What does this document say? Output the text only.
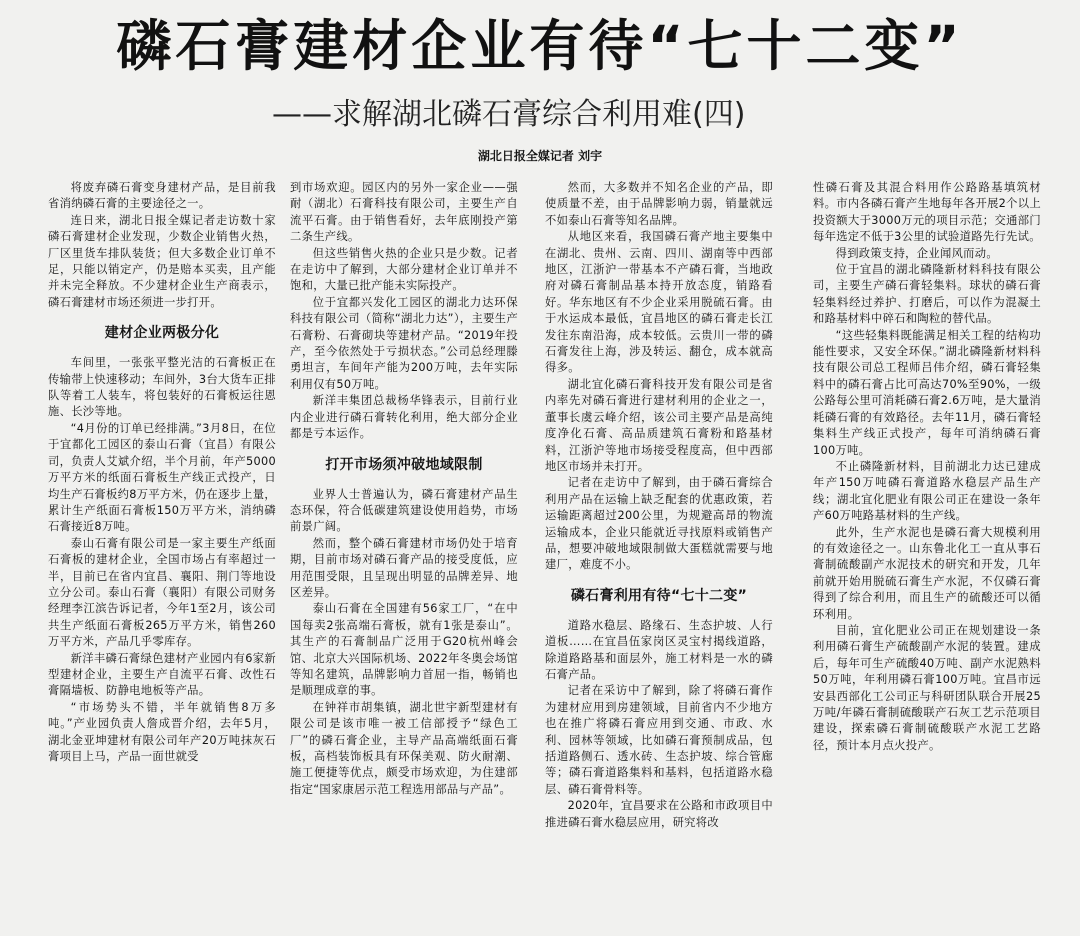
磷石膏建材企业有待“七十二变”
——求解湖北磷石膏综合利用难(四)
湖北日报全媒记者 刘宇

将废弃磷石膏变身建材产品，是目前我省消纳磷石膏的主要途径之一。

连日来，湖北日报全媒记者走访数十家磷石膏建材企业发现，少数企业销售火热，厂区里货车排队装货；但大多数企业订单不足，只能以销定产，仍是赔本买卖，且产能并未完全释放。不少建材企业生产商表示，磷石膏建材市场还须进一步打开。

建材企业两极分化

车间里，一张张平整光洁的石膏板正在传输带上快速移动；车间外，3台大货车正排队等着工人装车，将包装好的石膏板运往恩施、长沙等地。

“4月份的订单已经排满。”3月8日，在位于宜都化工园区的泰山石膏（宜昌）有限公司，负责人艾斌介绍，半个月前，年产5000万平方米的纸面石膏板生产线正式投产，日均生产石膏板约8万平方米，仍在逐步上量，累计生产纸面石膏板150万平方米，消纳磷石膏接近8万吨。

泰山石膏有限公司是一家主要生产纸面石膏板的建材企业，全国市场占有率超过一半，目前已在省内宜昌、襄阳、荆门等地设立分公司。泰山石膏（襄阳）有限公司财务经理李江滨告诉记者，今年1至2月，该公司共生产纸面石膏板265万平方米，销售260万平方米，产品几乎零库存。

新洋丰磷石膏绿色建材产业园内有6家新型建材企业，主要生产自流平石膏、改性石膏隔墙板、防静电地板等产品。

“市场势头不错，半年就销售8万多吨。”产业园负责人詹成晋介绍，去年5月，湖北金亚坤建材有限公司年产20万吨抹灰石膏项目上马，产品一面世就受

到市场欢迎。园区内的另外一家企业——强耐（湖北）石膏科技有限公司，主要生产自流平石膏。由于销售看好，去年底刚投产第二条生产线。

但这些销售火热的企业只是少数。记者在走访中了解到，大部分建材企业订单并不饱和，大量已批产能未实际投产。

位于宜都兴发化工园区的湖北力达环保科技有限公司（简称“湖北力达”），主要生产石膏粉、石膏砌块等建材产品。“2019年投产，至今依然处于亏损状态。”公司总经理滕勇坦言，车间年产能为200万吨，去年实际利用仅有50万吨。

新洋丰集团总裁杨华锋表示，目前行业内企业进行磷石膏转化利用，绝大部分企业都是亏本运作。

打开市场须冲破地域限制

业界人士普遍认为，磷石膏建材产品生态环保，符合低碳建筑建设使用趋势，市场前景广阔。

然而，整个磷石膏建材市场仍处于培育期，目前市场对磷石膏产品的接受度低，应用范围受限，且呈现出明显的品牌差异、地区差异。

泰山石膏在全国建有56家工厂，“在中国每卖2张高端石膏板，就有1张是泰山”。其生产的石膏制品广泛用于G20杭州峰会馆、北京大兴国际机场、2022年冬奥会场馆等知名建筑，品牌影响力首屈一指，畅销也是顺理成章的事。

在钟祥市胡集镇，湖北世宇新型建材有限公司是该市唯一被工信部授予“绿色工厂”的磷石膏企业，主导产品高端纸面石膏板，高档装饰板具有环保美观、防火耐潮、施工便捷等优点，颇受市场欢迎，为住建部指定“国家康居示范工程选用部品与产品”。

然而，大多数并不知名企业的产品，即使质量不差，由于品牌影响力弱，销量就远不如泰山石膏等知名品牌。

从地区来看，我国磷石膏产地主要集中在湖北、贵州、云南、四川、湖南等中西部地区，江浙沪一带基本不产磷石膏，当地政府对磷石膏制品基本持开放态度，销路看好。华东地区有不少企业采用脱硫石膏。由于水运成本最低，宜昌地区的磷石膏走长江发往东南沿海，成本较低。云贵川一带的磷石膏发往上海，涉及转运、翻仓，成本就高得多。

湖北宜化磷石膏科技开发有限公司是省内率先对磷石膏进行建材利用的企业之一，董事长虞云峰介绍，该公司主要产品是高纯度净化石膏、高品质建筑石膏粉和路基材料，江浙沪等地市场接受程度高，但中西部地区市场并未打开。

记者在走访中了解到，由于磷石膏综合利用产品在运输上缺乏配套的优惠政策，若运输距离超过200公里，为规避高昂的物流运输成本，企业只能就近寻找原料或销售产品，想要冲破地域限制做大蛋糕就需要与地建厂，难度不小。

磷石膏利用有待“七十二变”

道路水稳层、路缘石、生态护坡、人行道板……在宜昌伍家岗区灵宝村揭线道路，除道路路基和面层外，施工材料是一水的磷石膏产品。

记者在采访中了解到，除了将磷石膏作为建材应用到房建领域，目前省内不少地方也在推广将磷石膏应用到交通、市政、水利、园林等领域，比如磷石膏预制成品，包括道路侧石、透水砖、生态护坡、综合管廊等；磷石膏道路集料和基料，包括道路水稳层、磷石膏骨料等。

2020年，宜昌要求在公路和市政项目中推进磷石膏水稳层应用，研究将改

性磷石膏及其混合料用作公路路基填筑材料。市内各磷石膏产生地每年各开展2个以上投资额大于3000万元的项目示范；交通部门每年选定不低于3公里的试验道路先行先试。

得到政策支持，企业闻风而动。

位于宜昌的湖北磷隆新材料科技有限公司，主要生产磷石膏轻集料。球状的磷石膏轻集料经过养护、打磨后，可以作为混凝土和路基材料中碎石和陶粒的替代品。

“这些轻集料既能满足相关工程的结构功能性要求，又安全环保。”湖北磷隆新材料科技有限公司总工程师吕伟介绍，磷石膏轻集料中的磷石膏占比可高达70%至90%，一级公路每公里可消耗磷石膏2.6万吨，是大量消耗磷石膏的有效路径。去年11月，磷石膏轻集料生产线正式投产，每年可消纳磷石膏100万吨。

不止磷隆新材料，目前湖北力达已建成年产150万吨磷石膏道路水稳层产品生产线；湖北宜化肥业有限公司正在建设一条年产60万吨路基材料的生产线。

此外，生产水泥也是磷石膏大规模利用的有效途径之一。山东鲁北化工一直从事石膏制硫酸副产水泥技术的研究和开发，几年前就开始用脱硫石膏生产水泥，不仅磷石膏得到了综合利用，而且生产的硫酸还可以循环利用。

目前，宜化肥业公司正在规划建设一条利用磷石膏生产硫酸副产水泥的装置。建成后，每年可生产硫酸40万吨、副产水泥熟料50万吨，年利用磷石膏100万吨。宜昌市远安县西部化工公司正与科研团队联合开展25万吨/年磷石膏制硫酸联产石灰工艺示范项目建设，探索磷石膏制硫酸联产水泥工艺路径，预计本月点火投产。
